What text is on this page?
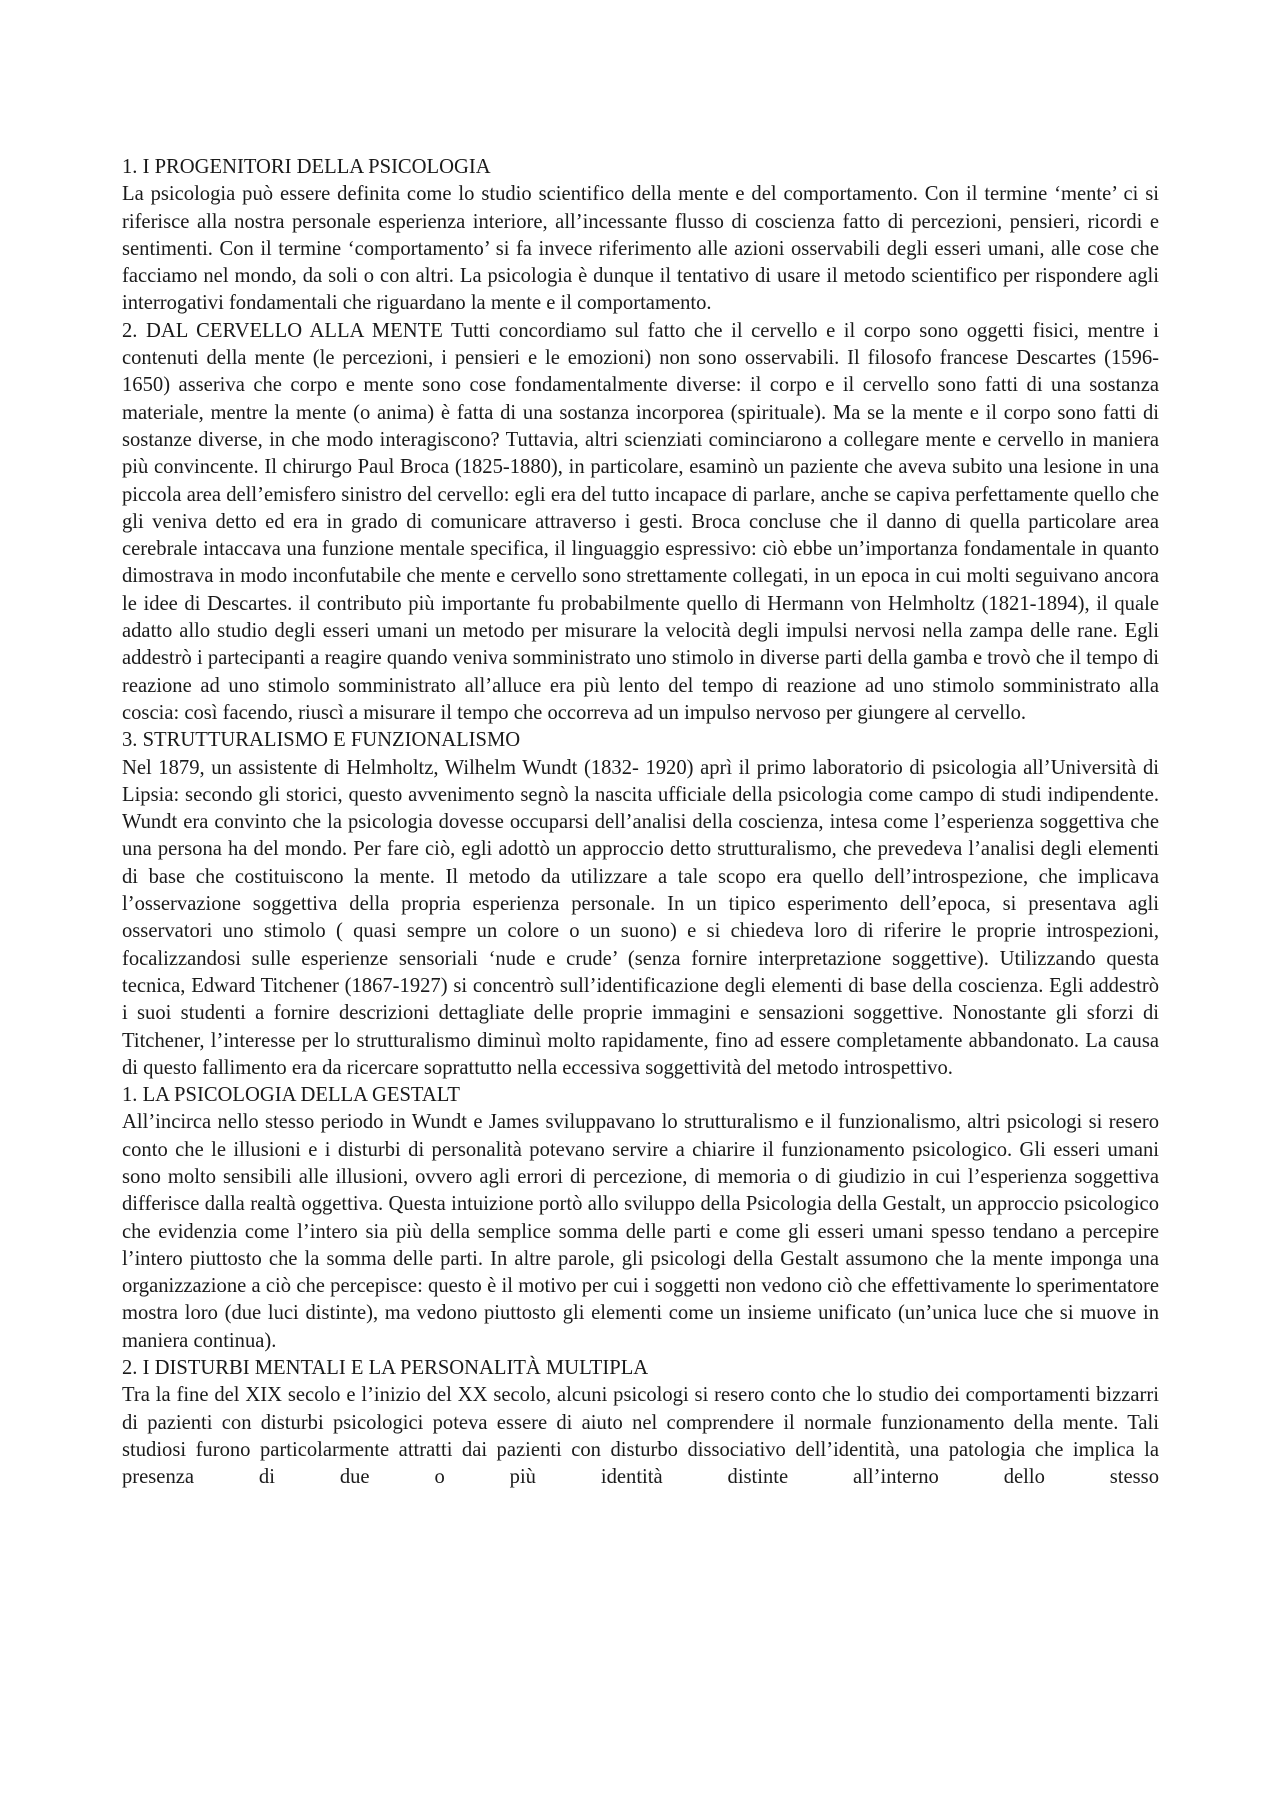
1. I PROGENITORI DELLA PSICOLOGIA

La psicologia può essere definita come lo studio scientifico della mente e del comportamento. Con il termine ‘mente’ ci si riferisce alla nostra personale esperienza interiore, all’incessante flusso di coscienza fatto di percezioni, pensieri, ricordi e sentimenti. Con il termine ‘comportamento’ si fa invece riferimento alle azioni osservabili degli esseri umani, alle cose che facciamo nel mondo, da soli o con altri. La psicologia è dunque il tentativo di usare il metodo scientifico per rispondere agli interrogativi fondamentali che riguardano la mente e il comportamento.

2. DAL CERVELLO ALLA MENTE Tutti concordiamo sul fatto che il cervello e il corpo sono oggetti fisici, mentre i contenuti della mente (le percezioni, i pensieri e le emozioni) non sono osservabili. Il filosofo francese Descartes (1596-1650) asseriva che corpo e mente sono cose fondamentalmente diverse: il corpo e il cervello sono fatti di una sostanza materiale, mentre la mente (o anima) è fatta di una sostanza incorporea (spirituale). Ma se la mente e il corpo sono fatti di sostanze diverse, in che modo interagiscono? Tuttavia, altri scienziati cominciarono a collegare mente e cervello in maniera più convincente. Il chirurgo Paul Broca (1825-1880), in particolare, esaminò un paziente che aveva subito una lesione in una piccola area dell’emisfero sinistro del cervello: egli era del tutto incapace di parlare, anche se capiva perfettamente quello che gli veniva detto ed era in grado di comunicare attraverso i gesti. Broca concluse che il danno di quella particolare area cerebrale intaccava una funzione mentale specifica, il linguaggio espressivo: ciò ebbe un’importanza fondamentale in quanto dimostrava in modo inconfutabile che mente e cervello sono strettamente collegati, in un epoca in cui molti seguivano ancora le idee di Descartes. il contributo più importante fu probabilmente quello di Hermann von Helmholtz (1821-1894), il quale adatto allo studio degli esseri umani un metodo per misurare la velocità degli impulsi nervosi nella zampa delle rane. Egli addestrò i partecipanti a reagire quando veniva somministrato uno stimolo in diverse parti della gamba e trovò che il tempo di reazione ad uno stimolo somministrato all’alluce era più lento del tempo di reazione ad uno stimolo somministrato alla coscia: così facendo, riuscì a misurare il tempo che occorreva ad un impulso nervoso per giungere al cervello.

3. STRUTTURALISMO E FUNZIONALISMO

Nel 1879, un assistente di Helmholtz, Wilhelm Wundt (1832- 1920) aprì il primo laboratorio di psicologia all’Università di Lipsia: secondo gli storici, questo avvenimento segnò la nascita ufficiale della psicologia come campo di studi indipendente. Wundt era convinto che la psicologia dovesse occuparsi dell’analisi della coscienza, intesa come l’esperienza soggettiva che una persona ha del mondo. Per fare ciò, egli adottò un approccio detto strutturalismo, che prevedeva l’analisi degli elementi di base che costituiscono la mente. Il metodo da utilizzare a tale scopo era quello dell’introspezione, che implicava l’osservazione soggettiva della propria esperienza personale. In un tipico esperimento dell’epoca, si presentava agli osservatori uno stimolo ( quasi sempre un colore o un suono) e si chiedeva loro di riferire le proprie introspezioni, focalizzandosi sulle esperienze sensoriali ‘nude e crude’ (senza fornire interpretazione soggettive). Utilizzando questa tecnica, Edward Titchener (1867-1927) si concentrò sull’identificazione degli elementi di base della coscienza. Egli addestrò i suoi studenti a fornire descrizioni dettagliate delle proprie immagini e sensazioni soggettive. Nonostante gli sforzi di Titchener, l’interesse per lo strutturalismo diminuì molto rapidamente, fino ad essere completamente abbandonato. La causa di questo fallimento era da ricercare soprattutto nella eccessiva soggettività del metodo introspettivo.

1. LA PSICOLOGIA DELLA GESTALT

All’incirca nello stesso periodo in Wundt e James sviluppavano lo strutturalismo e il funzionalismo, altri psicologi si resero conto che le illusioni e i disturbi di personalità potevano servire a chiarire il funzionamento psicologico. Gli esseri umani sono molto sensibili alle illusioni, ovvero agli errori di percezione, di memoria o di giudizio in cui l’esperienza soggettiva differisce dalla realtà oggettiva. Questa intuizione portò allo sviluppo della Psicologia della Gestalt, un approccio psicologico che evidenzia come l’intero sia più della semplice somma delle parti e come gli esseri umani spesso tendano a percepire l’intero piuttosto che la somma delle parti. In altre parole, gli psicologi della Gestalt assumono che la mente imponga una organizzazione a ciò che percepisce: questo è il motivo per cui i soggetti non vedono ciò che effettivamente lo sperimentatore mostra loro (due luci distinte), ma vedono piuttosto gli elementi come un insieme unificato (un’unica luce che si muove in maniera continua).

2. I DISTURBI MENTALI E LA PERSONALITÀ MULTIPLA

Tra la fine del XIX secolo e l’inizio del XX secolo, alcuni psicologi si resero conto che lo studio dei comportamenti bizzarri di pazienti con disturbi psicologici poteva essere di aiuto nel comprendere il normale funzionamento della mente. Tali studiosi furono particolarmente attratti dai pazienti con disturbo dissociativo dell’identità, una patologia che implica la presenza di due o più identità distinte all’interno dello stesso
